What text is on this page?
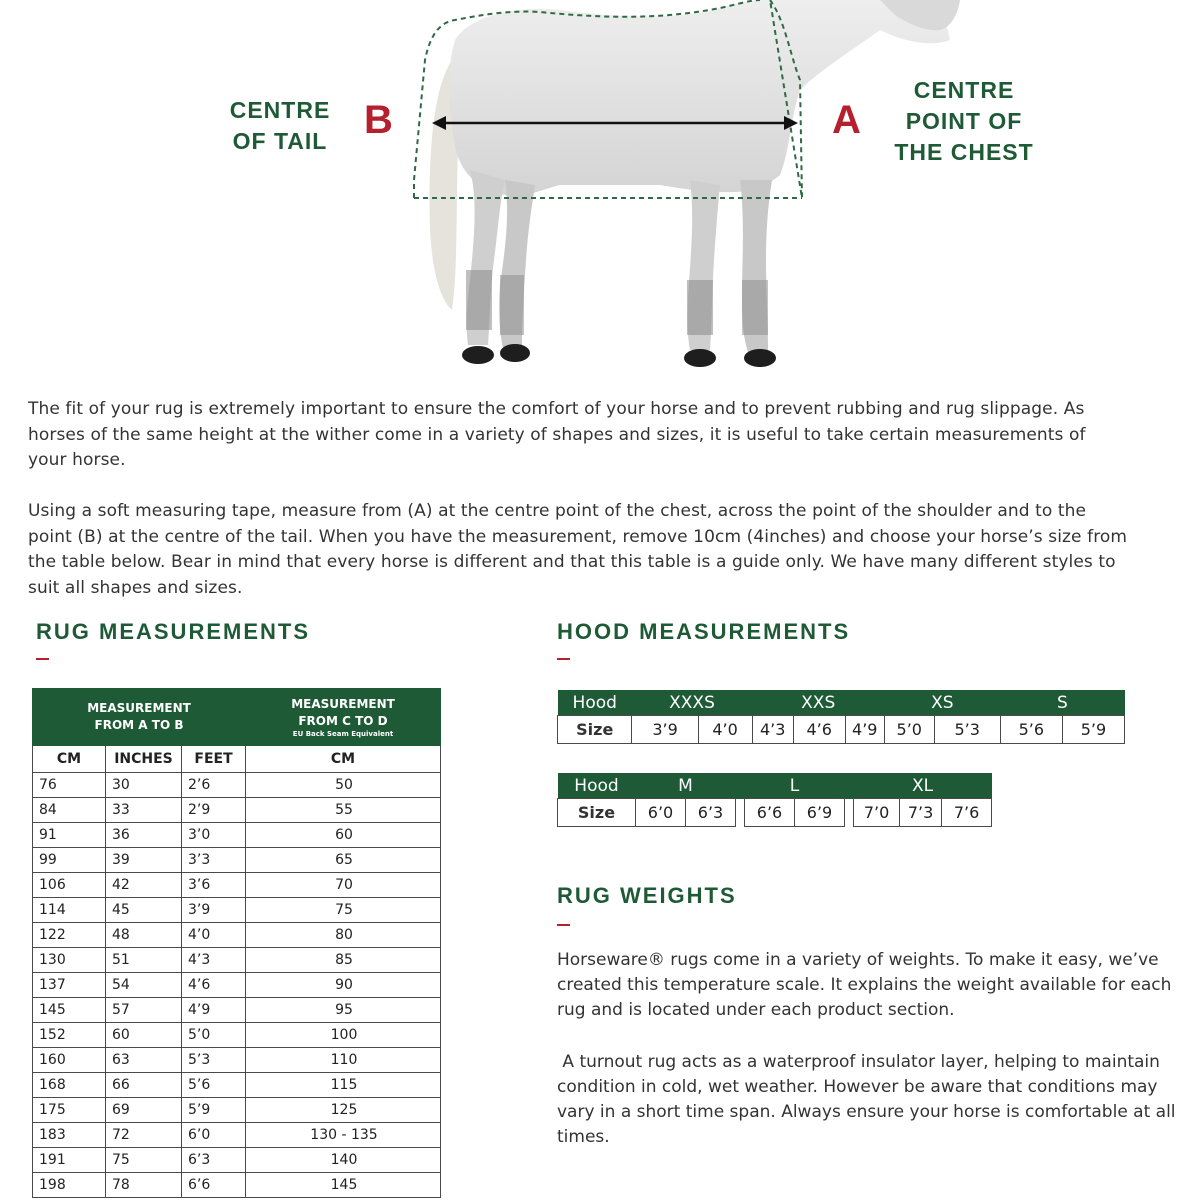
CENTRE
OF TAIL B	A
CENTRE
POINT OF
THE CHEST

The fit of your rug is extremely important to ensure the comfort of your horse and to prevent rubbing and rug slippage. As horses of the same height at the wither come in a variety of shapes and sizes, it is useful to take certain measurements of your horse.

Using a soft measuring tape, measure from (A) at the centre point of the chest, across the point of the shoulder and to the point (B) at the centre of the tail. When you have the measurement, remove 10cm (4inches) and choose your horse’s size from the table below. Bear in mind that every horse is different and that this table is a guide only. We have many different styles to suit all shapes and sizes.

RUG MEASUREMENTS
MEASUREMENT
FROM A TO B			MEASUREMENT
FROM C TO D
EU Back Seam Equivalent

CM	INCHES	FEET	CM
76	30	2’6	50
84	33	2’9	55
91	36	3’0	60
99	39	3’3	65
106	42	3’6	70
114	45	3’9	75
122	48	4’0	80
130	51	4’3	85
137	54	4’6	90
145	57	4’9	95
152	60	5’0	100
160	63	5’3	110
168	66	5’6	115
175	69	5’9	125
183	72	6’0	130 - 135
191	75	6’3	140
198	78	6’6	145
HOOD MEASUREMENTS
Hood	XXXS		XXS			XS		S	
Size	3’9	4’0	4’3	4’6	4’9	5’0	5’3	5’6	5’9
Hood	M		L				XL		
Size	6’0	6’3		6’6	6’9		7’0	7’3	7’6
RUG WEIGHTS

Horseware® rugs come in a variety of weights. To make it easy, we’ve created this temperature scale. It explains the weight available for each rug and is located under each product section.

A turnout rug acts as a waterproof insulator layer, helping to maintain condition in cold, wet weather. However be aware that conditions may vary in a short time span. Always ensure your horse is comfortable at all times.
